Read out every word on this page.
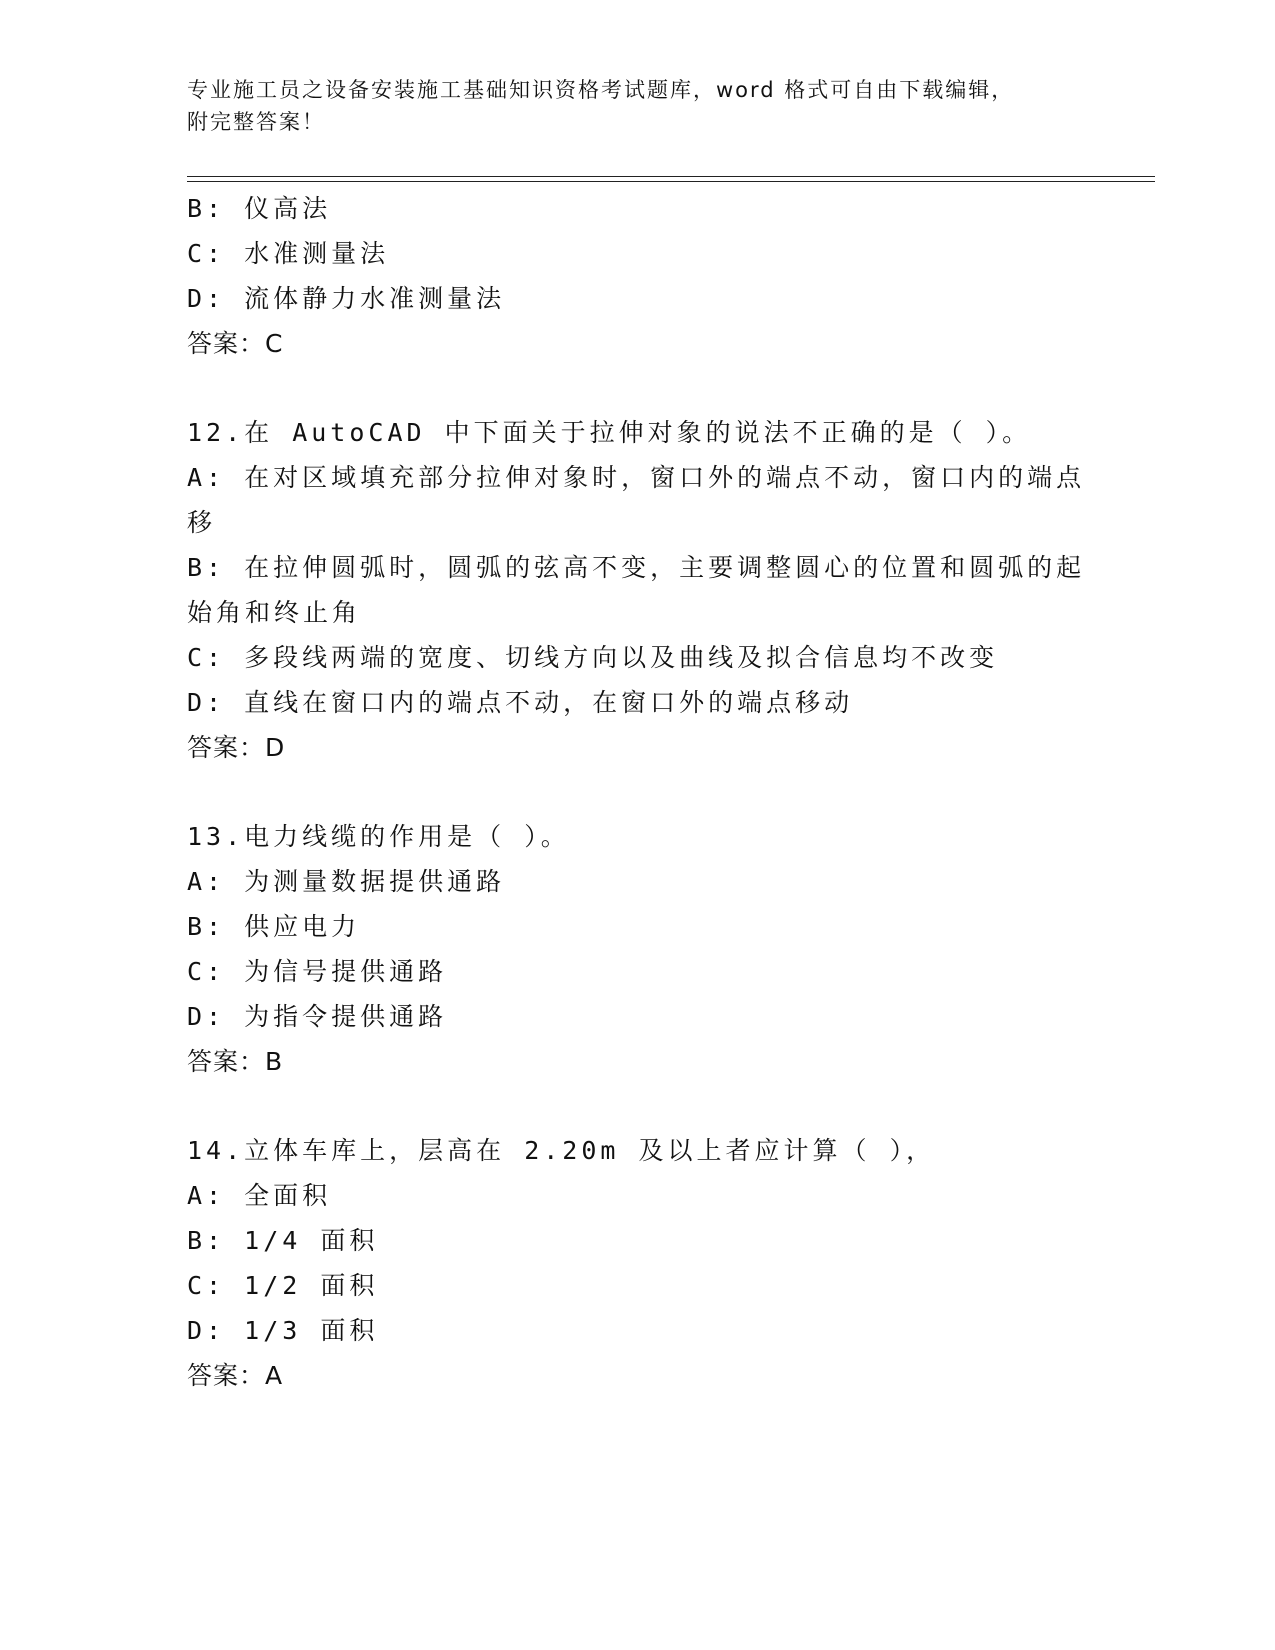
专业施工员之设备安装施工基础知识资格考试题库，word 格式可自由下载编辑，
附完整答案！
B: 仪高法
C: 水准测量法
D: 流体静力水准测量法
答案：C
12.在 AutoCAD 中下面关于拉伸对象的说法不正确的是（ ）。
A: 在对区域填充部分拉伸对象时，窗口外的端点不动，窗口内的端点
移
B: 在拉伸圆弧时，圆弧的弦高不变，主要调整圆心的位置和圆弧的起
始角和终止角
C: 多段线两端的宽度、切线方向以及曲线及拟合信息均不改变
D: 直线在窗口内的端点不动，在窗口外的端点移动
答案：D
13.电力线缆的作用是（ ）。
A: 为测量数据提供通路
B: 供应电力
C: 为信号提供通路
D: 为指令提供通路
答案：B
14.立体车库上，层高在 2.20m 及以上者应计算（ ），
A: 全面积
B: 1/4 面积
C: 1/2 面积
D: 1/3 面积
答案：A
